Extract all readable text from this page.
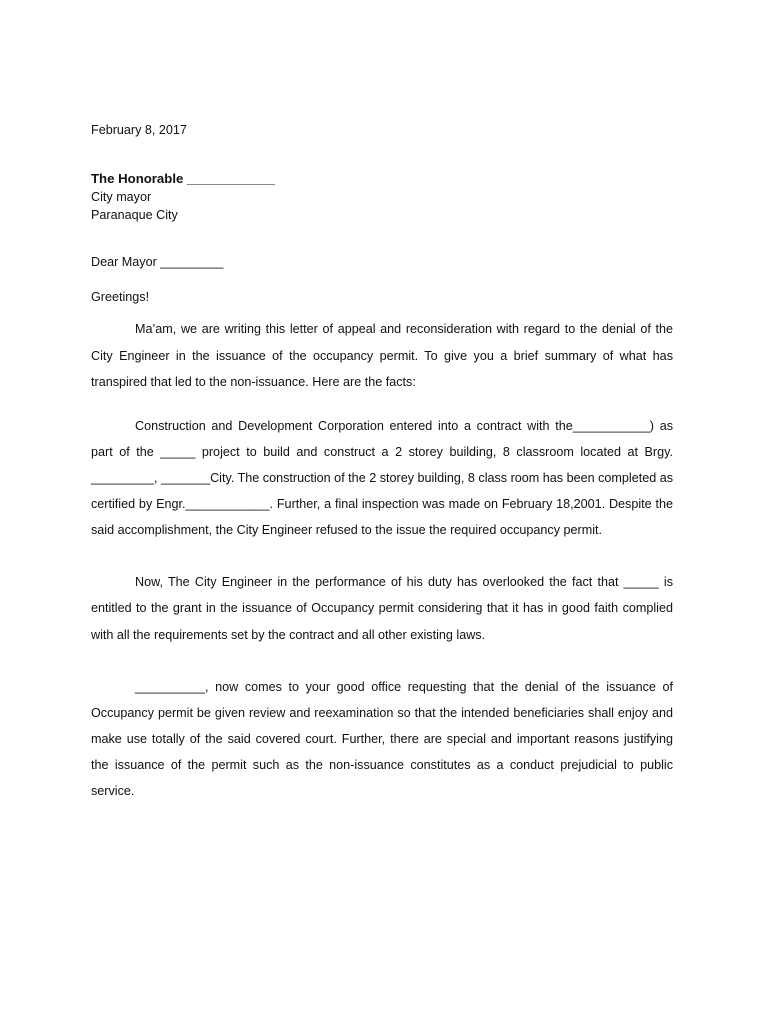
February 8, 2017

The Honorable ____________

City mayor

Paranaque City

Dear Mayor _________

Greetings!

Ma’am, we are writing this letter of appeal and reconsideration with regard to the denial of the

City Engineer in the issuance of the occupancy permit. To give you a brief summary of what has

transpired that led to the non-issuance. Here are the facts:

Construction and Development Corporation entered into a contract with the___________) as

part of the _____ project to build and construct a 2 storey building, 8 classroom located at Brgy.

_________, _______City. The construction of the 2 storey building, 8 class room has been completed as

certified by Engr.____________. Further, a final inspection was made on February 18,2001. Despite the

said accomplishment, the City Engineer refused to the issue the required occupancy permit.

Now, The City Engineer in the performance of his duty has overlooked the fact that _____ is

entitled to the grant in the issuance of Occupancy permit considering that it has in good faith complied

with all the requirements set by the contract and all other existing laws.

__________, now comes to your good office requesting that the denial of the issuance of

Occupancy permit be given review and reexamination so that the intended beneficiaries shall enjoy and

make use totally of the said covered court. Further, there are special and important reasons justifying

the issuance of the permit such as the non-issuance constitutes as a conduct prejudicial to public

service.
